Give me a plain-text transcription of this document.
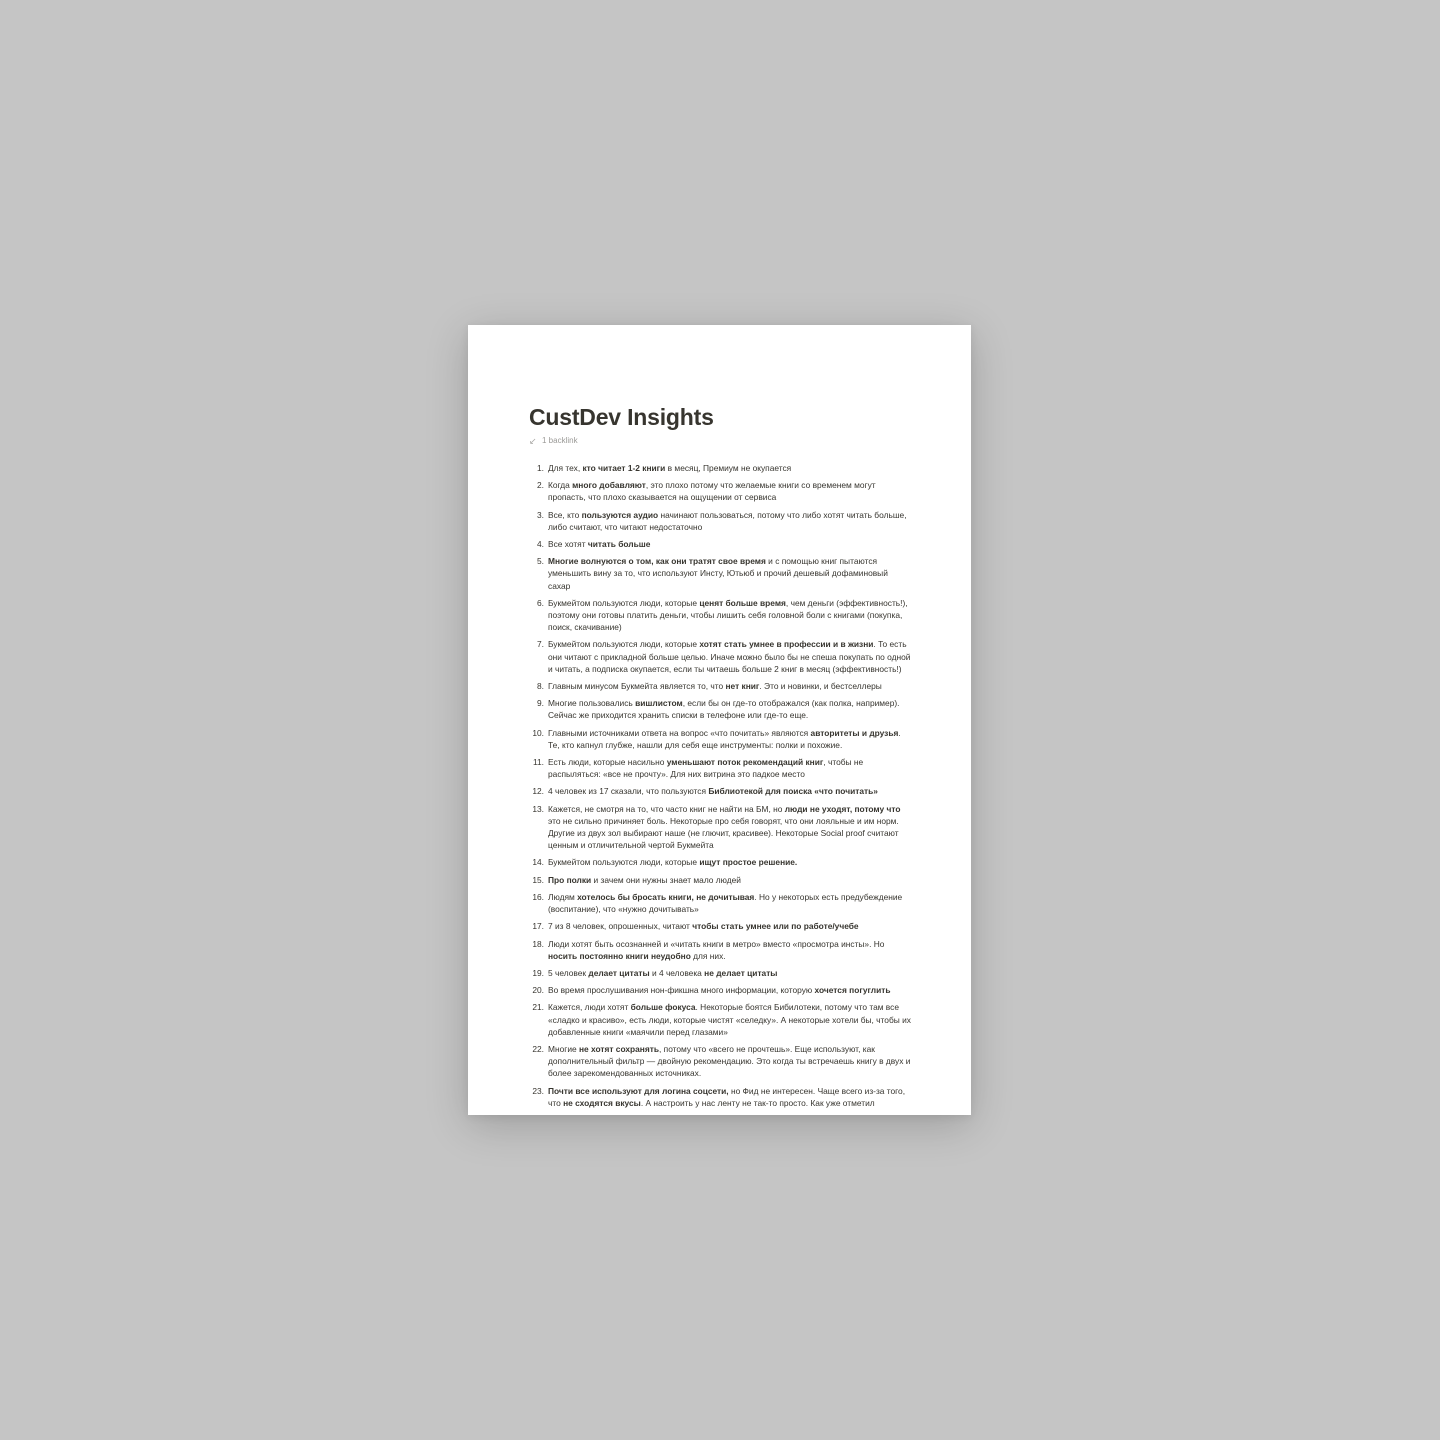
CustDev Insights
↙ 1 backlink
1. Для тех, кто читает 1-2 книги в месяц, Премиум не окупается
2. Когда много добавляют, это плохо потому что желаемые книги со временем могут пропасть, что плохо сказывается на ощущении от сервиса
3. Все, кто пользуются аудио начинают пользоваться, потому что либо хотят читать больше, либо считают, что читают недостаточно
4. Все хотят читать больше
5. Многие волнуются о том, как они тратят свое время и с помощью книг пытаются уменьшить вину за то, что используют Инсту, Ютьюб и прочий дешевый дофаминовый сахар
6. Букмейтом пользуются люди, которые ценят больше время, чем деньги (эффективность!), поэтому они готовы платить деньги, чтобы лишить себя головной боли с книгами (покупка, поиск, скачивание)
7. Букмейтом пользуются люди, которые хотят стать умнее в профессии и в жизни. То есть они читают с прикладной больше целью. Иначе можно было бы не спеша покупать по одной и читать, а подписка окупается, если ты читаешь больше 2 книг в месяц (эффективность!)
8. Главным минусом Букмейта является то, что нет книг. Это и новинки, и бестселлеры
9. Многие пользовались вишлистом, если бы он где-то отображался (как полка, например). Сейчас же приходится хранить списки в телефоне или где-то еще.
10. Главными источниками ответа на вопрос «что почитать» являются авторитеты и друзья. Те, кто капнул глубже, нашли для себя еще инструменты: полки и похожие.
11. Есть люди, которые насильно уменьшают поток рекомендаций книг, чтобы не распыляться: «все не прочту». Для них витрина это падкое место
12. 4 человек из 17 сказали, что пользуются Библиотекой для поиска «что почитать»
13. Кажется, не смотря на то, что часто книг не найти на БМ, но люди не уходят, потому что это не сильно причиняет боль. Некоторые про себя говорят, что они лояльные и им норм. Другие из двух зол выбирают наше (не глючит, красивее). Некоторые Social proof считают ценным и отличительной чертой Букмейта
14. Букмейтом пользуются люди, которые ищут простое решение.
15. Про полки и зачем они нужны знает мало людей
16. Людям хотелось бы бросать книги, не дочитывая. Но у некоторых есть предубеждение (воспитание), что «нужно дочитывать»
17. 7 из 8 человек, опрошенных, читают чтобы стать умнее или по работе/учебе
18. Люди хотят быть осознанней и «читать книги в метро» вместо «просмотра инсты». Но носить постоянно книги неудобно для них.
19. 5 человек делает цитаты и 4 человека не делает цитаты
20. Во время прослушивания нон-фикшна много информации, которую хочется погуглить
21. Кажется, люди хотят больше фокуса. Некоторые боятся Бибилотеки, потому что там все «сладко и красиво», есть люди, которые чистят «селедку». А некоторые хотели бы, чтобы их добавленные книги «маячили перед глазами»
22. Многие не хотят сохранять, потому что «всего не прочтешь». Еще используют, как дополнительный фильтр — двойную рекомендацию. Это когда ты встречаешь книгу в двух и более зарекомендованных источниках.
23. Почти все используют для логина соцсети, но Фид не интересен. Чаще всего из-за того, что не сходятся вкусы. А настроить у нас ленту не так-то просто. Как уже отметил
